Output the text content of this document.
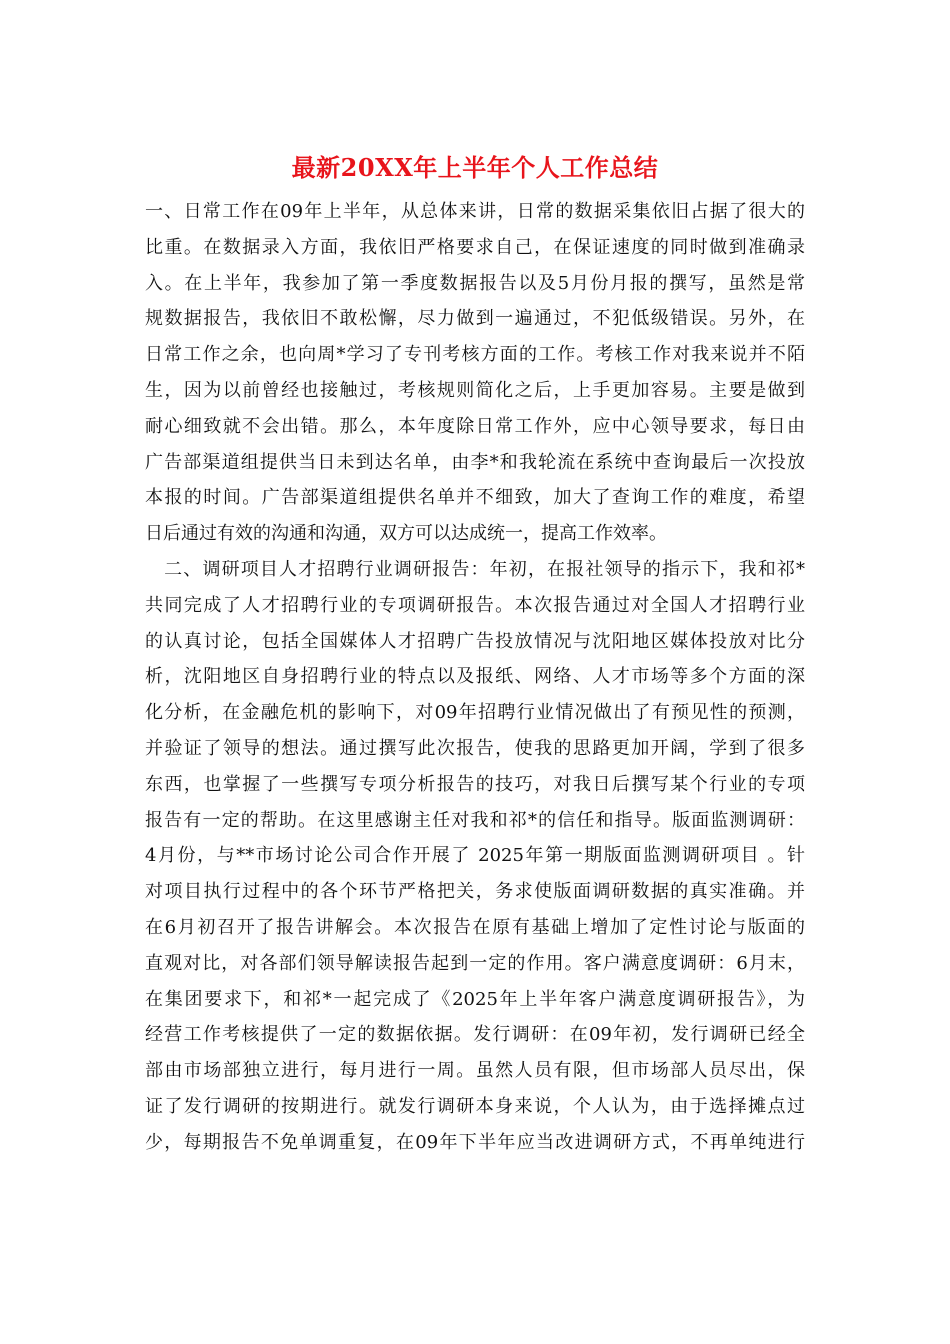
最新20XX年上半年个人工作总结
一、日常工作在09年上半年，从总体来讲，日常的数据采集依旧占据了很大的
比重。在数据录入方面，我依旧严格要求自己，在保证速度的同时做到准确录
入。在上半年，我参加了第一季度数据报告以及5月份月报的撰写，虽然是常
规数据报告，我依旧不敢松懈，尽力做到一遍通过，不犯低级错误。另外，在
日常工作之余，也向周*学习了专刊考核方面的工作。考核工作对我来说并不陌
生，因为以前曾经也接触过，考核规则简化之后，上手更加容易。主要是做到
耐心细致就不会出错。那么，本年度除日常工作外，应中心领导要求，每日由
广告部渠道组提供当日未到达名单，由李*和我轮流在系统中查询最后一次投放
本报的时间。广告部渠道组提供名单并不细致，加大了查询工作的难度，希望
日后通过有效的沟通和沟通，双方可以达成统一，提高工作效率。
　二、调研项目人才招聘行业调研报告：年初，在报社领导的指示下，我和祁*
共同完成了人才招聘行业的专项调研报告。本次报告通过对全国人才招聘行业
的认真讨论，包括全国媒体人才招聘广告投放情况与沈阳地区媒体投放对比分
析，沈阳地区自身招聘行业的特点以及报纸、网络、人才市场等多个方面的深
化分析，在金融危机的影响下，对09年招聘行业情况做出了有预见性的预测，
并验证了领导的想法。通过撰写此次报告，使我的思路更加开阔，学到了很多
东西，也掌握了一些撰写专项分析报告的技巧，对我日后撰写某个行业的专项
报告有一定的帮助。在这里感谢主任对我和祁*的信任和指导。版面监测调研：
4月份，与**市场讨论公司合作开展了 2025年第一期版面监测调研项目 。针
对项目执行过程中的各个环节严格把关，务求使版面调研数据的真实准确。并
在6月初召开了报告讲解会。本次报告在原有基础上增加了定性讨论与版面的
直观对比，对各部们领导解读报告起到一定的作用。客户满意度调研：6月末，
在集团要求下，和祁*一起完成了《2025年上半年客户满意度调研报告》，为
经营工作考核提供了一定的数据依据。发行调研：在09年初，发行调研已经全
部由市场部独立进行，每月进行一周。虽然人员有限，但市场部人员尽出，保
证了发行调研的按期进行。就发行调研本身来说，个人认为，由于选择摊点过
少，每期报告不免单调重复，在09年下半年应当改进调研方式，不再单纯进行
